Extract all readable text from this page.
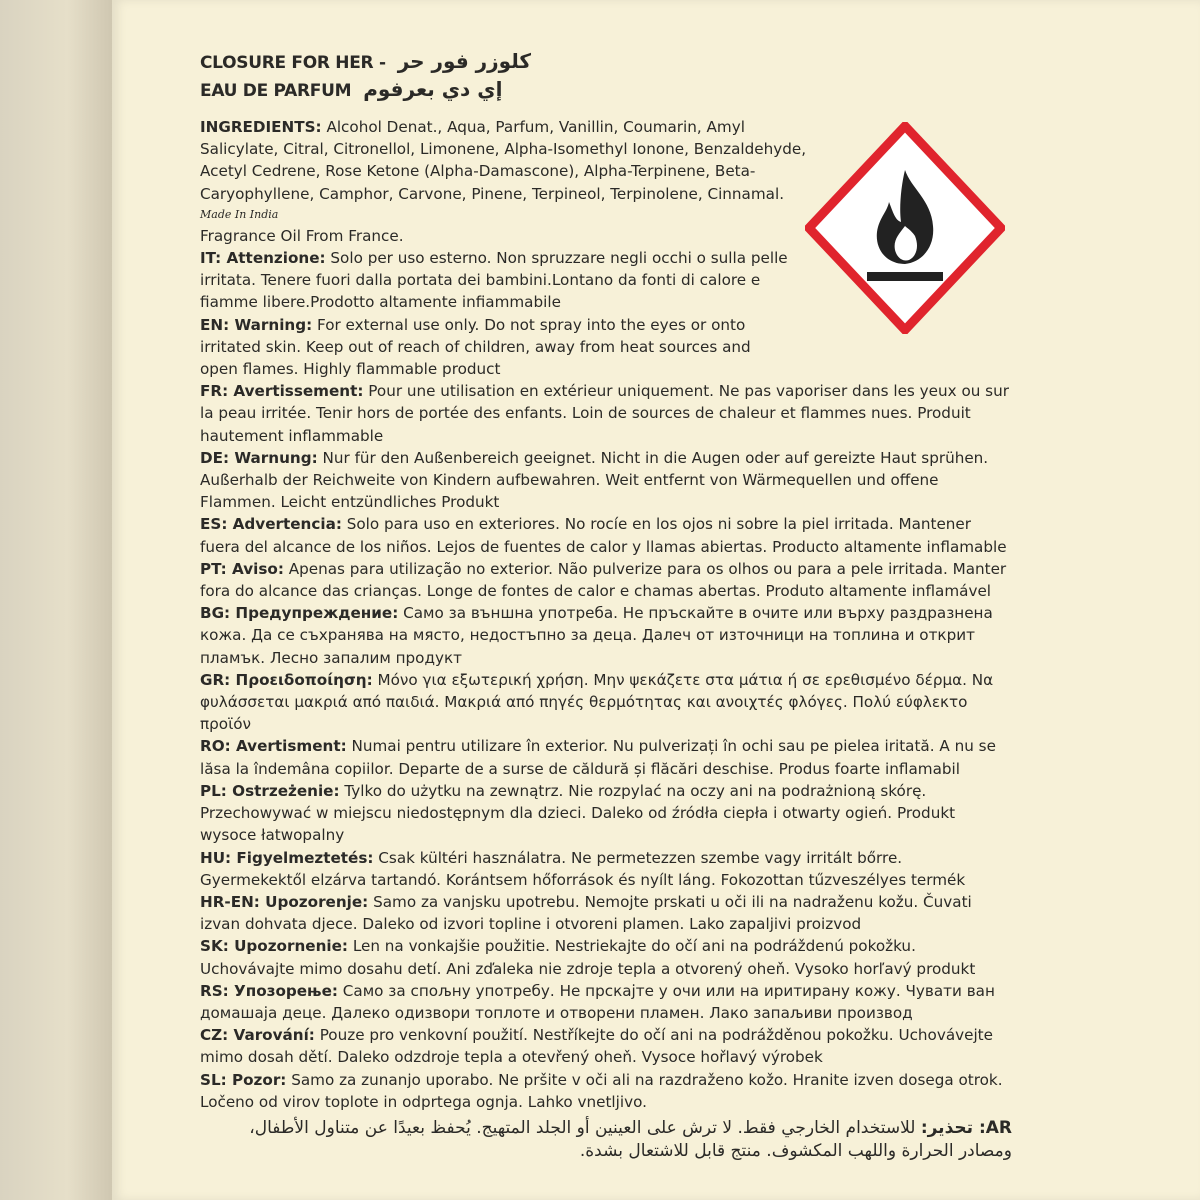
CLOSURE FOR HER - كلوزر فور حر
EAU DE PARFUM إي دي بعرفوم

INGREDIENTS: Alcohol Denat., Aqua, Parfum, Vanillin, Coumarin, Amyl Salicylate, Citral, Citronellol, Limonene, Alpha-Isomethyl Ionone, Benzaldehyde, Acetyl Cedrene, Rose Ketone (Alpha-Damascone), Alpha-Terpinene, Beta- Caryophyllene, Camphor, Carvone, Pinene, Terpineol, Terpinolene, Cinnamal.

Made In India

Fragrance Oil From France.

IT: Attenzione: Solo per uso esterno. Non spruzzare negli occhi o sulla pelle irritata. Tenere fuori dalla portata dei bambini.Lontano da fonti di calore e fiamme libere.Prodotto altamente infiammabile

EN: Warning: For external use only. Do not spray into the eyes or onto irritated skin. Keep out of reach of children, away from heat sources and open flames. Highly flammable product

FR: Avertissement: Pour une utilisation en extérieur uniquement. Ne pas vaporiser dans les yeux ou sur la peau irritée. Tenir hors de portée des enfants. Loin de sources de chaleur et flammes nues. Produit hautement inflammable

DE: Warnung: Nur für den Außenbereich geeignet. Nicht in die Augen oder auf gereizte Haut sprühen. Außerhalb der Reichweite von Kindern aufbewahren. Weit entfernt von Wärmequellen und offene Flammen. Leicht entzündliches Produkt

ES: Advertencia: Solo para uso en exteriores. No rocíe en los ojos ni sobre la piel irritada. Mantener fuera del alcance de los niños. Lejos de fuentes de calor y llamas abiertas. Producto altamente inflamable

PT: Aviso: Apenas para utilização no exterior. Não pulverize para os olhos ou para a pele irritada. Manter fora do alcance das crianças. Longe de fontes de calor e chamas abertas. Produto altamente inflamável

BG: Предупреждение: Само за външна употреба. Не пръскайте в очите или върху раздразнена кожа. Да се съхранява на място, недостъпно за деца. Далеч от източници на топлина и открит пламък. Лесно запалим продукт

GR: Προειδοποίηση: Μόνο για εξωτερική χρήση. Μην ψεκάζετε στα μάτια ή σε ερεθισμένο δέρμα. Να φυλάσσεται μακριά από παιδιά. Μακριά από πηγές θερμότητας και ανοιχτές φλόγες. Πολύ εύφλεκτο προϊόν

RO: Avertisment: Numai pentru utilizare în exterior. Nu pulverizați în ochi sau pe pielea iritată. A nu se lăsa la îndemâna copiilor. Departe de a surse de căldură și flăcări deschise. Produs foarte inflamabil

PL: Ostrzeżenie: Tylko do użytku na zewnątrz. Nie rozpylać na oczy ani na podrażnioną skórę. Przechowywać w miejscu niedostępnym dla dzieci. Daleko od źródła ciepła i otwarty ogień. Produkt wysoce łatwopalny

HU: Figyelmeztetés: Csak kültéri használatra. Ne permetezzen szembe vagy irritált bőrre. Gyermekektől elzárva tartandó. Korántsem hőforrások és nyílt láng. Fokozottan tűzveszélyes termék

HR-EN: Upozorenje: Samo za vanjsku upotrebu. Nemojte prskati u oči ili na nadraženu kožu. Čuvati izvan dohvata djece. Daleko od izvori topline i otvoreni plamen. Lako zapaljivi proizvod

SK: Upozornenie: Len na vonkajšie použitie. Nestriekajte do očí ani na podráždenú pokožku. Uchovávajte mimo dosahu detí. Ani zďaleka nie zdroje tepla a otvorený oheň. Vysoko horľavý produkt

RS: Упозорење: Само за спољну употребу. Не прскајте у очи или на иритирану кожу. Чувати ван домашаја деце. Далеко одизвори топлоте и отворени пламен. Лако запаљиви производ

CZ: Varování: Pouze pro venkovní použití. Nestříkejte do očí ani na podrážděnou pokožku. Uchovávejte mimo dosah dětí. Daleko odzdroje tepla a otevřený oheň. Vysoce hořlavý výrobek

SL: Pozor: Samo za zunanjo uporabo. Ne pršite v oči ali na razdraženo kožo. Hranite izven dosega otrok. Ločeno od virov toplote in odprtega ognja. Lahko vnetljivo.

AR: تحذير: للاستخدام الخارجي فقط. لا ترش على العينين أو الجلد المتهيج. يُحفظ بعيدًا عن متناول الأطفال، ومصادر الحرارة واللهب المكشوف. منتج قابل للاشتعال بشدة.
